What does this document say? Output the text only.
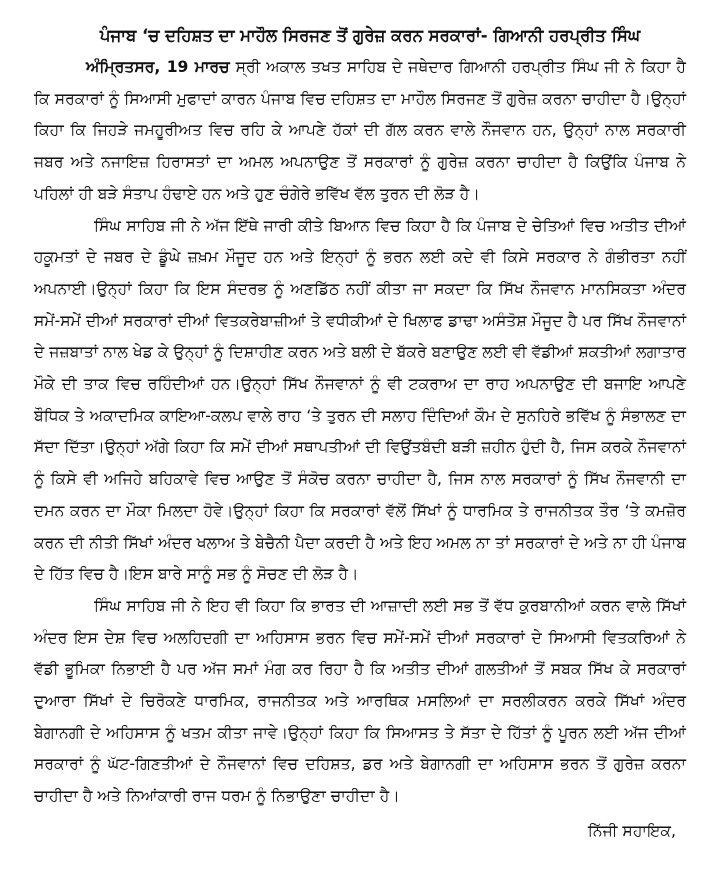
ਪੰਜਾਬ ‘ਚ ਦਹਿਸ਼ਤ ਦਾ ਮਾਹੌਲ ਸਿਰਜਣ ਤੋਂ ਗੁਰੇਜ਼ ਕਰਨ ਸਰਕਾਰਾਂ- ਗਿਆਨੀ ਹਰਪ੍ਰੀਤ ਸਿੰਘ

ਅੰਮ੍ਰਿਤਸਰ, 19 ਮਾਰਚ ਸ੍ਰੀ ਅਕਾਲ ਤਖਤ ਸਾਹਿਬ ਦੇ ਜਥੇਦਾਰ ਗਿਆਨੀ ਹਰਪ੍ਰੀਤ ਸਿੰਘ ਜੀ ਨੇ ਕਿਹਾ ਹੈ ਕਿ ਸਰਕਾਰਾਂ ਨੂੰ ਸਿਆਸੀ ਮੁਫਾਦਾਂ ਕਾਰਨ ਪੰਜਾਬ ਵਿਚ ਦਹਿਸ਼ਤ ਦਾ ਮਾਹੌਲ ਸਿਰਜਣ ਤੋਂ ਗੁਰੇਜ਼ ਕਰਨਾ ਚਾਹੀਦਾ ਹੈ।ਉਨ੍ਹਾਂ ਕਿਹਾ ਕਿ ਜਿਹੜੇ ਜਮਹੂਰੀਅਤ ਵਿਚ ਰਹਿ ਕੇ ਆਪਣੇ ਹੱਕਾਂ ਦੀ ਗੱਲ ਕਰਨ ਵਾਲੇ ਨੌਜਵਾਨ ਹਨ, ਉਨ੍ਹਾਂ ਨਾਲ ਸਰਕਾਰੀ ਜਬਰ ਅਤੇ ਨਜਾਇਜ਼ ਹਿਰਾਸਤਾਂ ਦਾ ਅਮਲ ਅਪਨਾਉਣ ਤੋਂ ਸਰਕਾਰਾਂ ਨੂੰ ਗੁਰੇਜ਼ ਕਰਨਾ ਚਾਹੀਦਾ ਹੈ ਕਿਉਂਕਿ ਪੰਜਾਬ ਨੇ ਪਹਿਲਾਂ ਹੀ ਬੜੇ ਸੰਤਾਪ ਹੰਢਾਏ ਹਨ ਅਤੇ ਹੁਣ ਚੰਗੇਰੇ ਭਵਿੱਖ ਵੱਲ ਤੁਰਨ ਦੀ ਲੋੜ ਹੈ।

ਸਿੰਘ ਸਾਹਿਬ ਜੀ ਨੇ ਅੱਜ ਇੱਥੇ ਜਾਰੀ ਕੀਤੇ ਬਿਆਨ ਵਿਚ ਕਿਹਾ ਹੈ ਕਿ ਪੰਜਾਬ ਦੇ ਚੇਤਿਆਂ ਵਿਚ ਅਤੀਤ ਦੀਆਂ ਹਕੂਮਤਾਂ ਦੇ ਜਬਰ ਦੇ ਡੂੰਘੇ ਜ਼ਖ਼ਮ ਮੌਜੂਦ ਹਨ ਅਤੇ ਇਨ੍ਹਾਂ ਨੂੰ ਭਰਨ ਲਈ ਕਦੇ ਵੀ ਕਿਸੇ ਸਰਕਾਰ ਨੇ ਗੰਭੀਰਤਾ ਨਹੀਂ ਅਪਨਾਈ।ਉਨ੍ਹਾਂ ਕਿਹਾ ਕਿ ਇਸ ਸੰਦਰਭ ਨੂੰ ਅਣਡਿੱਠ ਨਹੀਂ ਕੀਤਾ ਜਾ ਸਕਦਾ ਕਿ ਸਿੱਖ ਨੌਜਵਾਨ ਮਾਨਸਿਕਤਾ ਅੰਦਰ ਸਮੇਂ-ਸਮੇਂ ਦੀਆਂ ਸਰਕਾਰਾਂ ਦੀਆਂ ਵਿਤਕਰੇਬਾਜ਼ੀਆਂ ਤੇ ਵਧੀਕੀਆਂ ਦੇ ਖਿਲਾਫ ਡਾਢਾ ਅਸੰਤੋਸ਼ ਮੌਜੂਦ ਹੈ ਪਰ ਸਿੱਖ ਨੌਜਵਾਨਾਂ ਦੇ ਜਜ਼ਬਾਤਾਂ ਨਾਲ ਖੇਡ ਕੇ ਉਨ੍ਹਾਂ ਨੂੰ ਦਿਸ਼ਾਹੀਣ ਕਰਨ ਅਤੇ ਬਲੀ ਦੇ ਬੱਕਰੇ ਬਣਾਉਣ ਲਈ ਵੀ ਵੱਡੀਆਂ ਸ਼ਕਤੀਆਂ ਲਗਾਤਾਰ ਮੌਕੇ ਦੀ ਤਾਕ ਵਿਚ ਰਹਿੰਦੀਆਂ ਹਨ।ਉਨ੍ਹਾਂ ਸਿੱਖ ਨੌਜਵਾਨਾਂ ਨੂੰ ਵੀ ਟਕਰਾਅ ਦਾ ਰਾਹ ਅਪਨਾਉਣ ਦੀ ਬਜਾਇ ਆਪਣੇ ਬੌਧਿਕ ਤੇ ਅਕਾਦਮਿਕ ਕਾਇਆ-ਕਲਪ ਵਾਲੇ ਰਾਹ ‘ਤੇ ਤੁਰਨ ਦੀ ਸਲਾਹ ਦਿੰਦਿਆਂ ਕੌਮ ਦੇ ਸੁਨਹਿਰੇ ਭਵਿੱਖ ਨੂੰ ਸੰਭਾਲਣ ਦਾ ਸੱਦਾ ਦਿੱਤਾ।ਉਨ੍ਹਾਂ ਅੱਗੇ ਕਿਹਾ ਕਿ ਸਮੇਂ ਦੀਆਂ ਸਥਾਪਤੀਆਂ ਦੀ ਵਿਉਂਤਬੰਦੀ ਬੜੀ ਜ਼ਹੀਨ ਹੁੰਦੀ ਹੈ, ਜਿਸ ਕਰਕੇ ਨੌਜਵਾਨਾਂ ਨੂੰ ਕਿਸੇ ਵੀ ਅਜਿਹੇ ਬਹਿਕਾਵੇ ਵਿਚ ਆਉਣ ਤੋਂ ਸੰਕੋਚ ਕਰਨਾ ਚਾਹੀਦਾ ਹੈ, ਜਿਸ ਨਾਲ ਸਰਕਾਰਾਂ ਨੂੰ ਸਿੱਖ ਨੌਜਵਾਨੀ ਦਾ ਦਮਨ ਕਰਨ ਦਾ ਮੌਕਾ ਮਿਲਦਾ ਹੋਵੇ।ਉਨ੍ਹਾਂ ਕਿਹਾ ਕਿ ਸਰਕਾਰਾਂ ਵੱਲੋਂ ਸਿੱਖਾਂ ਨੂੰ ਧਾਰਮਿਕ ਤੇ ਰਾਜਨੀਤਕ ਤੌਰ ‘ਤੇ ਕਮਜ਼ੋਰ ਕਰਨ ਦੀ ਨੀਤੀ ਸਿੱਖਾਂ ਅੰਦਰ ਖਲਾਅ ਤੇ ਬੇਚੈਨੀ ਪੈਦਾ ਕਰਦੀ ਹੈ ਅਤੇ ਇਹ ਅਮਲ ਨਾ ਤਾਂ ਸਰਕਾਰਾਂ ਦੇ ਅਤੇ ਨਾ ਹੀ ਪੰਜਾਬ ਦੇ ਹਿੱਤ ਵਿਚ ਹੈ।ਇਸ ਬਾਰੇ ਸਾਨੂੰ ਸਭ ਨੂੰ ਸੋਚਣ ਦੀ ਲੋੜ ਹੈ।

ਸਿੰਘ ਸਾਹਿਬ ਜੀ ਨੇ ਇਹ ਵੀ ਕਿਹਾ ਕਿ ਭਾਰਤ ਦੀ ਆਜ਼ਾਦੀ ਲਈ ਸਭ ਤੋਂ ਵੱਧ ਕੁਰਬਾਨੀਆਂ ਕਰਨ ਵਾਲੇ ਸਿੱਖਾਂ ਅੰਦਰ ਇਸ ਦੇਸ਼ ਵਿਚ ਅਲਹਿਦਗੀ ਦਾ ਅਹਿਸਾਸ ਭਰਨ ਵਿਚ ਸਮੇਂ-ਸਮੇਂ ਦੀਆਂ ਸਰਕਾਰਾਂ ਦੇ ਸਿਆਸੀ ਵਿਤਕਰਿਆਂ ਨੇ ਵੱਡੀ ਭੂਮਿਕਾ ਨਿਭਾਈ ਹੈ ਪਰ ਅੱਜ ਸਮਾਂ ਮੰਗ ਕਰ ਰਿਹਾ ਹੈ ਕਿ ਅਤੀਤ ਦੀਆਂ ਗਲਤੀਆਂ ਤੋਂ ਸਬਕ ਸਿੱਖ ਕੇ ਸਰਕਾਰਾਂ ਦੁਆਰਾ ਸਿੱਖਾਂ ਦੇ ਚਿਰੋਕਣੇ ਧਾਰਮਿਕ, ਰਾਜਨੀਤਕ ਅਤੇ ਆਰਥਿਕ ਮਸਲਿਆਂ ਦਾ ਸਰਲੀਕਰਨ ਕਰਕੇ ਸਿੱਖਾਂ ਅੰਦਰ ਬੇਗਾਨਗੀ ਦੇ ਅਹਿਸਾਸ ਨੂੰ ਖਤਮ ਕੀਤਾ ਜਾਵੇ।ਉਨ੍ਹਾਂ ਕਿਹਾ ਕਿ ਸਿਆਸਤ ਤੇ ਸੱਤਾ ਦੇ ਹਿੱਤਾਂ ਨੂੰ ਪੂਰਨ ਲਈ ਅੱਜ ਦੀਆਂ ਸਰਕਾਰਾਂ ਨੂੰ ਘੱਟ-ਗਿਣਤੀਆਂ ਦੇ ਨੌਜਵਾਨਾਂ ਵਿਚ ਦਹਿਸ਼ਤ, ਡਰ ਅਤੇ ਬੇਗਾਨਗੀ ਦਾ ਅਹਿਸਾਸ ਭਰਨ ਤੋਂ ਗੁਰੇਜ਼ ਕਰਨਾ ਚਾਹੀਦਾ ਹੈ ਅਤੇ ਨਿਆਂਕਾਰੀ ਰਾਜ ਧਰਮ ਨੂੰ ਨਿਭਾਉਣਾ ਚਾਹੀਦਾ ਹੈ।

ਨਿੱਜੀ ਸਹਾਇਕ,
